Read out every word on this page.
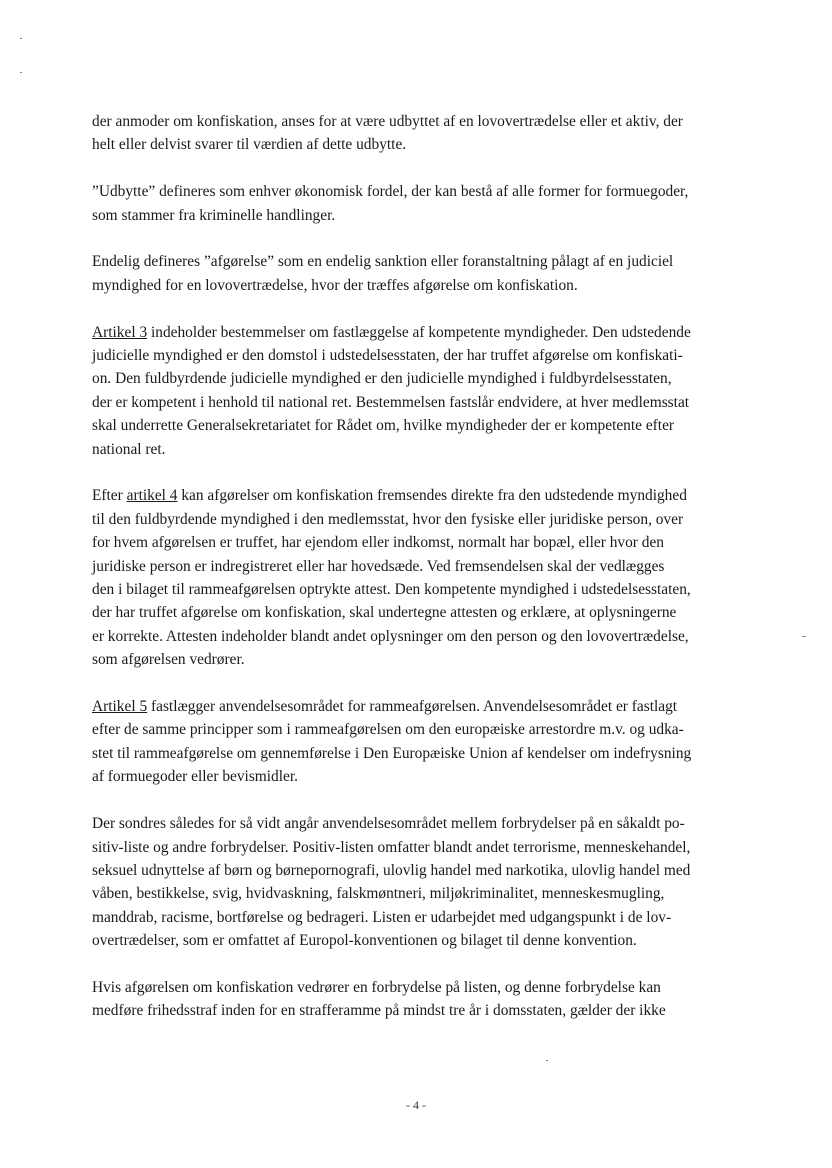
der anmoder om konfiskation, anses for at være udbyttet af en lovovertrædelse eller et aktiv, der
helt eller delvist svarer til værdien af dette udbytte.

”Udbytte” defineres som enhver økonomisk fordel, der kan bestå af alle former for formuegoder,
som stammer fra kriminelle handlinger.

Endelig defineres ”afgørelse” som en endelig sanktion eller foranstaltning pålagt af en judiciel
myndighed for en lovovertrædelse, hvor der træffes afgørelse om konfiskation.

Artikel 3 indeholder bestemmelser om fastlæggelse af kompetente myndigheder. Den udstedende
judicielle myndighed er den domstol i udstedelsesstaten, der har truffet afgørelse om konfiskati-
on. Den fuldbyrdende judicielle myndighed er den judicielle myndighed i fuldbyrdelsesstaten,
der er kompetent i henhold til national ret. Bestemmelsen fastslår endvidere, at hver medlemsstat
skal underrette Generalsekretariatet for Rådet om, hvilke myndigheder der er kompetente efter
national ret.

Efter artikel 4 kan afgørelser om konfiskation fremsendes direkte fra den udstedende myndighed
til den fuldbyrdende myndighed i den medlemsstat, hvor den fysiske eller juridiske person, over
for hvem afgørelsen er truffet, har ejendom eller indkomst, normalt har bopæl, eller hvor den
juridiske person er indregistreret eller har hovedsæde. Ved fremsendelsen skal der vedlægges
den i bilaget til rammeafgørelsen optrykte attest. Den kompetente myndighed i udstedelsesstaten,
der har truffet afgørelse om konfiskation, skal undertegne attesten og erklære, at oplysningerne
er korrekte. Attesten indeholder blandt andet oplysninger om den person og den lovovertrædelse,
som afgørelsen vedrører.

Artikel 5 fastlægger anvendelsesområdet for rammeafgørelsen. Anvendelsesområdet er fastlagt
efter de samme principper som i rammeafgørelsen om den europæiske arrestordre m.v. og udka-
stet til rammeafgørelse om gennemførelse i Den Europæiske Union af kendelser om indefrysning
af formuegoder eller bevismidler.

Der sondres således for så vidt angår anvendelsesområdet mellem forbrydelser på en såkaldt po-
sitiv-liste og andre forbrydelser. Positiv-listen omfatter blandt andet terrorisme, menneskehandel,
seksuel udnyttelse af børn og børnepornografi, ulovlig handel med narkotika, ulovlig handel med
våben, bestikkelse, svig, hvidvaskning, falskmøntneri, miljøkriminalitet, menneskesmugling,
manddrab, racisme, bortførelse og bedrageri. Listen er udarbejdet med udgangspunkt i de lov-
overtrædelser, som er omfattet af Europol-konventionen og bilaget til denne konvention.

Hvis afgørelsen om konfiskation vedrører en forbrydelse på listen, og denne forbrydelse kan
medføre frihedsstraf inden for en strafferamme på mindst tre år i domsstaten, gælder der ikke

- 4 -
